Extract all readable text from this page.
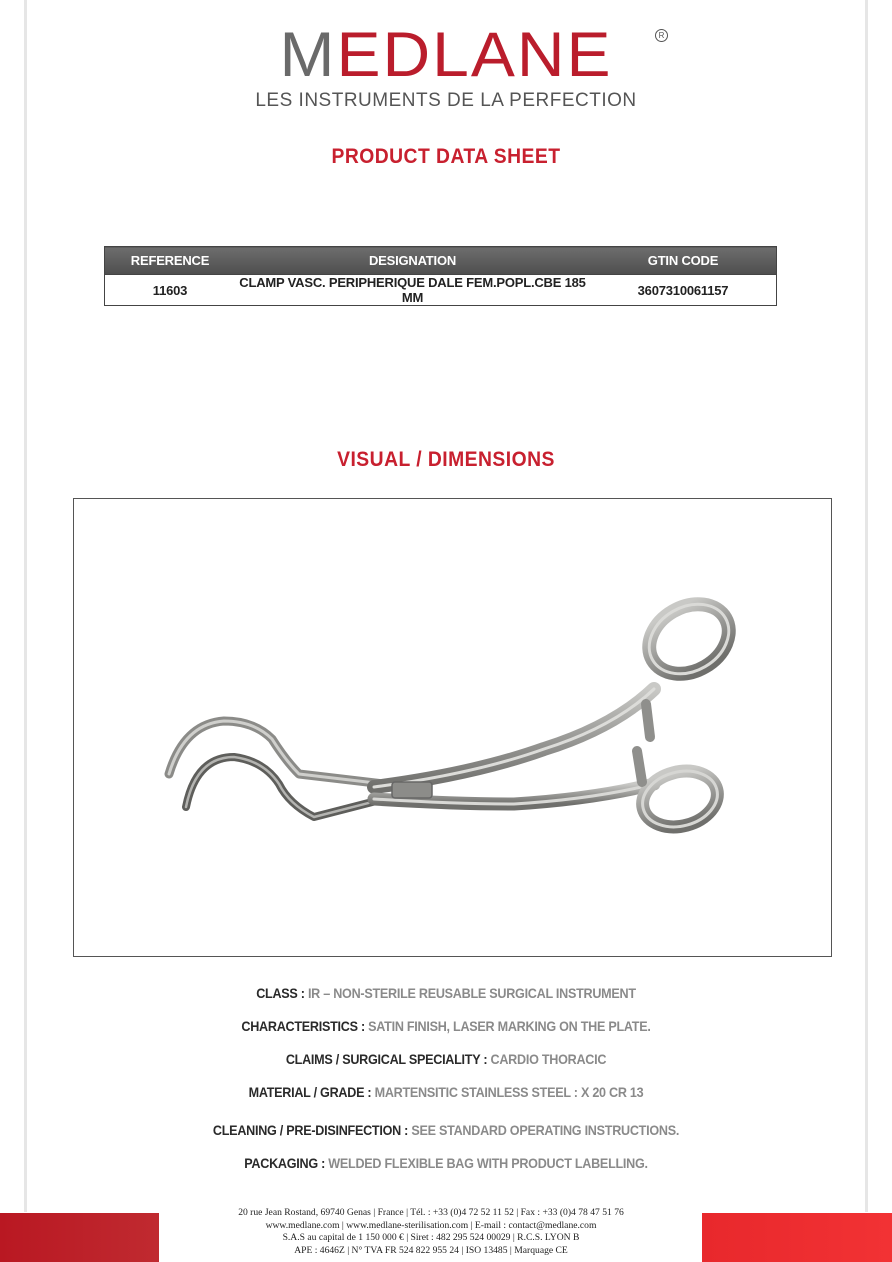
MEDLANE	R
LES INSTRUMENTS DE LA PERFECTION
PRODUCT DATA SHEET
REFERENCE	DESIGNATION	GTIN CODE
11603	CLAMP VASC. PERIPHERIQUE DALE FEM.POPL.CBE 185 MM	3607310061157
VISUAL / DIMENSIONS
CLASS : IR – NON-STERILE REUSABLE SURGICAL INSTRUMENT
CHARACTERISTICS : SATIN FINISH, LASER MARKING ON THE PLATE.
CLAIMS / SURGICAL SPECIALITY : CARDIO THORACIC
MATERIAL / GRADE : MARTENSITIC STAINLESS STEEL : X 20 CR 13
CLEANING / PRE-DISINFECTION : SEE STANDARD OPERATING INSTRUCTIONS.
PACKAGING : WELDED FLEXIBLE BAG WITH PRODUCT LABELLING.
20 rue Jean Rostand, 69740 Genas | France | Tél. : +33 (0)4 72 52 11 52 | Fax : +33 (0)4 78 47 51 76
www.medlane.com | www.medlane-sterilisation.com | E-mail : contact@medlane.com
S.A.S au capital de 1 150 000 € | Siret : 482 295 524 00029 | R.C.S. LYON B
APE : 4646Z | N° TVA FR 524 822 955 24 | ISO 13485 | Marquage CE
